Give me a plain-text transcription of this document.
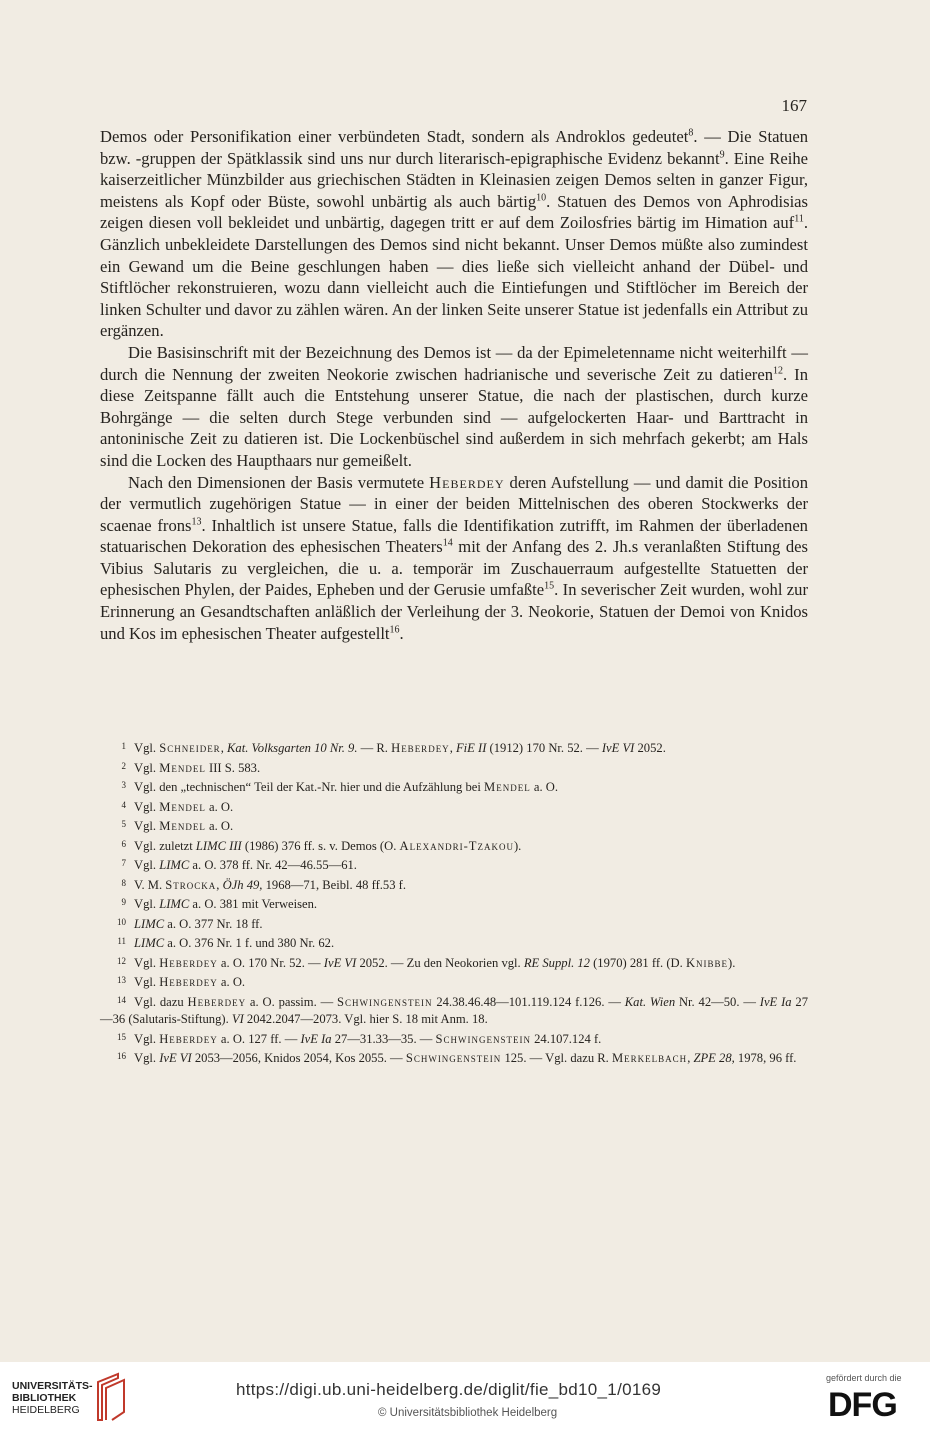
167

Demos oder Personifikation einer verbündeten Stadt, sondern als Androklos gedeutet$^8$. — Die Statuen bzw. -gruppen der Spätklassik sind uns nur durch literarisch-epigraphische Evidenz bekannt$^9$. Eine Reihe kaiserzeitlicher Münzbilder aus griechischen Städten in Kleinasien zeigen Demos selten in ganzer Figur, meistens als Kopf oder Büste, sowohl unbärtig als auch bärtig$^{10}$. Statuen des Demos von Aphrodisias zeigen diesen voll bekleidet und unbärtig, dagegen tritt er auf dem Zoilosfries bärtig im Himation auf$^{11}$. Gänzlich unbekleidete Darstellungen des Demos sind nicht bekannt. Unser Demos müßte also zumindest ein Gewand um die Beine geschlungen haben — dies ließe sich vielleicht anhand der Dübel- und Stiftlöcher rekonstruieren, wozu dann vielleicht auch die Eintiefungen und Stiftlöcher im Bereich der linken Schulter und davor zu zählen wären. An der linken Seite unserer Statue ist jedenfalls ein Attribut zu ergänzen.

Die Basisinschrift mit der Bezeichnung des Demos ist — da der Epimeletenname nicht weiterhilft — durch die Nennung der zweiten Neokorie zwischen hadrianische und severische Zeit zu datieren$^{12}$. In diese Zeitspanne fällt auch die Entstehung unserer Statue, die nach der plastischen, durch kurze Bohrgänge — die selten durch Stege verbunden sind — aufgelockerten Haar- und Barttracht in antoninische Zeit zu datieren ist. Die Lockenbüschel sind außerdem in sich mehrfach gekerbt; am Hals sind die Locken des Haupthaars nur gemeißelt.

Nach den Dimensionen der Basis vermutete Heberdey deren Aufstellung — und damit die Position der vermutlich zugehörigen Statue — in einer der beiden Mittelnischen des oberen Stockwerks der scaenae frons$^{13}$. Inhaltlich ist unsere Statue, falls die Identifikation zutrifft, im Rahmen der überladenen statuarischen Dekoration des ephesischen Theaters$^{14}$ mit der Anfang des 2. Jh.s veranlaßten Stiftung des Vibius Salutaris zu vergleichen, die u. a. temporär im Zuschauerraum aufgestellte Statuetten der ephesischen Phylen, der Paides, Epheben und der Gerusie umfaßte$^{15}$. In severischer Zeit wurden, wohl zur Erinnerung an Gesandtschaften anläßlich der Verleihung der 3. Neokorie, Statuen der Demoi von Knidos und Kos im ephesischen Theater aufgestellt$^{16}$.

1 Vgl. Schneider, Kat. Volksgarten 10 Nr. 9. — R. Heberdey, FiE II (1912) 170 Nr. 52. — IvE VI 2052.

2 Vgl. Mendel III S. 583.

3 Vgl. den „technischen“ Teil der Kat.-Nr. hier und die Aufzählung bei Mendel a. O.

4 Vgl. Mendel a. O.

5 Vgl. Mendel a. O.

6 Vgl. zuletzt LIMC III (1986) 376 ff. s. v. Demos (O. Alexandri-Tzakou).

7 Vgl. LIMC a. O. 378 ff. Nr. 42—46.55—61.

8 V. M. Strocka, ÖJh 49, 1968—71, Beibl. 48 ff.53 f.

9 Vgl. LIMC a. O. 381 mit Verweisen.

10 LIMC a. O. 377 Nr. 18 ff.

11 LIMC a. O. 376 Nr. 1 f. und 380 Nr. 62.

12 Vgl. Heberdey a. O. 170 Nr. 52. — IvE VI 2052. — Zu den Neokorien vgl. RE Suppl. 12 (1970) 281 ff. (D. Knibbe).

13 Vgl. Heberdey a. O.

14 Vgl. dazu Heberdey a. O. passim. — Schwingenstein 24.38.46.48—101.119.124 f.126. — Kat. Wien Nr. 42—50. — IvE Ia 27—36 (Salutaris-Stiftung). VI 2042.2047—2073. Vgl. hier S. 18 mit Anm. 18.

15 Vgl. Heberdey a. O. 127 ff. — IvE Ia 27—31.33—35. — Schwingenstein 24.107.124 f.

16 Vgl. IvE VI 2053—2056, Knidos 2054, Kos 2055. — Schwingenstein 125. — Vgl. dazu R. Merkelbach, ZPE 28, 1978, 96 ff.

UNIVERSITÄTS-
BIBLIOTHEK
HEIDELBERG
https://digi.ub.uni-heidelberg.de/diglit/fie_bd10_1/0169
© Universitätsbibliothek Heidelberg
gefördert durch die
DFG
